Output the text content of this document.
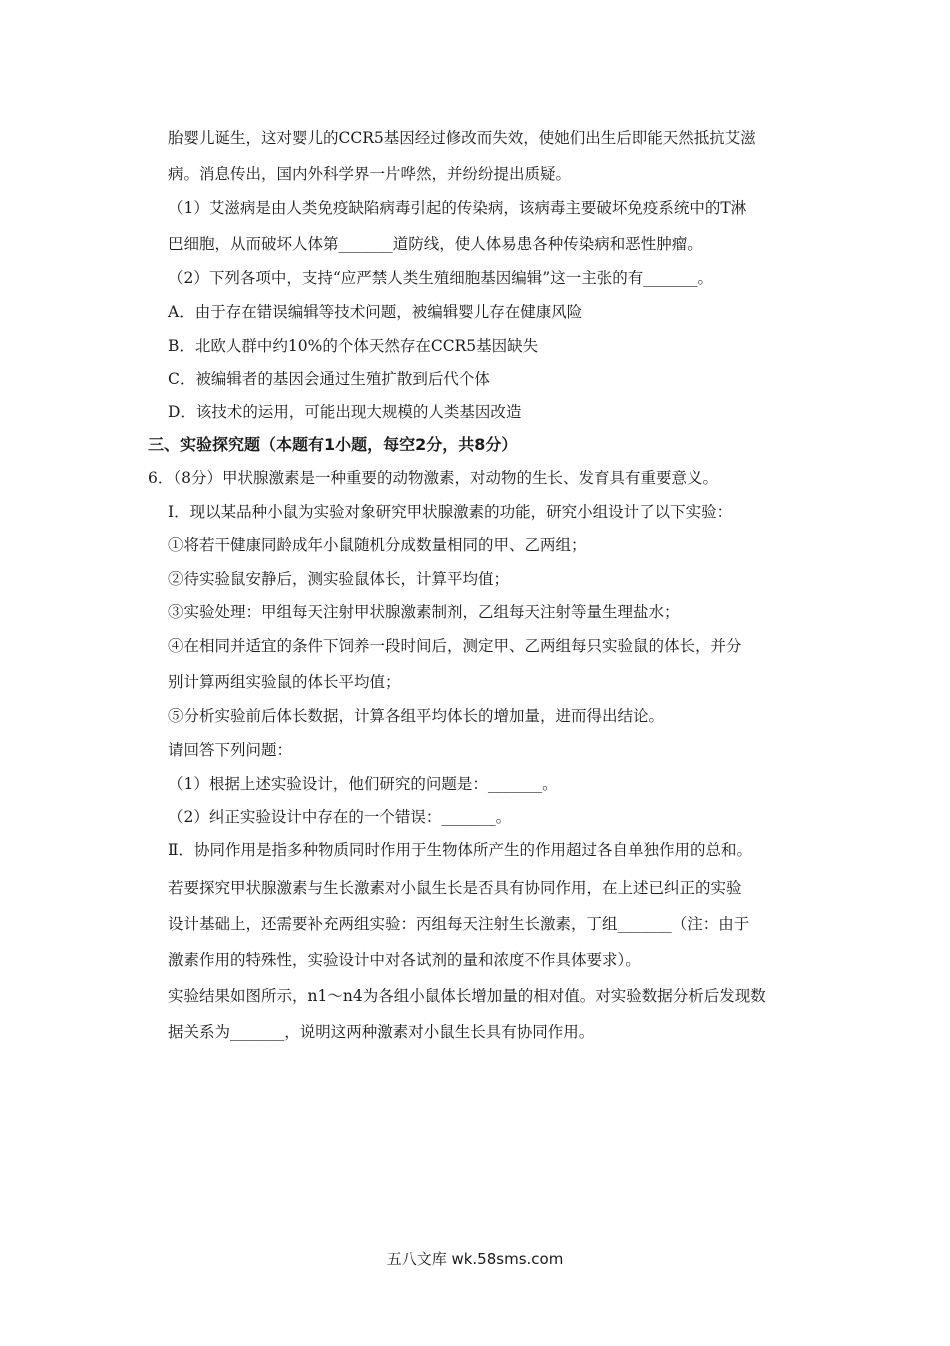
胎婴儿诞生，这对婴儿的CCR5基因经过修改而失效，使她们出生后即能天然抵抗艾滋
病。消息传出，国内外科学界一片哗然，并纷纷提出质疑。
（1）艾滋病是由人类免疫缺陷病毒引起的传染病，该病毒主要破坏免疫系统中的T淋
巴细胞，从而破坏人体第_______道防线，使人体易患各种传染病和恶性肿瘤。
（2）下列各项中，支持“应严禁人类生殖细胞基因编辑”这一主张的有_______。
A．由于存在错误编辑等技术问题，被编辑婴儿存在健康风险
B．北欧人群中约10%的个体天然存在CCR5基因缺失
C．被编辑者的基因会通过生殖扩散到后代个体
D．该技术的运用，可能出现大规模的人类基因改造
三、实验探究题（本题有1小题，每空2分，共8分）
6．（8分）甲状腺激素是一种重要的动物激素，对动物的生长、发育具有重要意义。
Ⅰ．现以某品种小鼠为实验对象研究甲状腺激素的功能，研究小组设计了以下实验：
①将若干健康同龄成年小鼠随机分成数量相同的甲、乙两组；
②待实验鼠安静后，测实验鼠体长，计算平均值；
③实验处理：甲组每天注射甲状腺激素制剂，乙组每天注射等量生理盐水；
④在相同并适宜的条件下饲养一段时间后，测定甲、乙两组每只实验鼠的体长，并分
别计算两组实验鼠的体长平均值；
⑤分析实验前后体长数据，计算各组平均体长的增加量，进而得出结论。
请回答下列问题：
（1）根据上述实验设计，他们研究的问题是：_______。
（2）纠正实验设计中存在的一个错误：_______。
Ⅱ．协同作用是指多种物质同时作用于生物体所产生的作用超过各自单独作用的总和。
若要探究甲状腺激素与生长激素对小鼠生长是否具有协同作用，在上述已纠正的实验
设计基础上，还需要补充两组实验：丙组每天注射生长激素，丁组_______（注：由于
激素作用的特殊性，实验设计中对各试剂的量和浓度不作具体要求）。
实验结果如图所示，n1～n4为各组小鼠体长增加量的相对值。对实验数据分析后发现数
据关系为_______，说明这两种激素对小鼠生长具有协同作用。
五八文库 wk.58sms.com
